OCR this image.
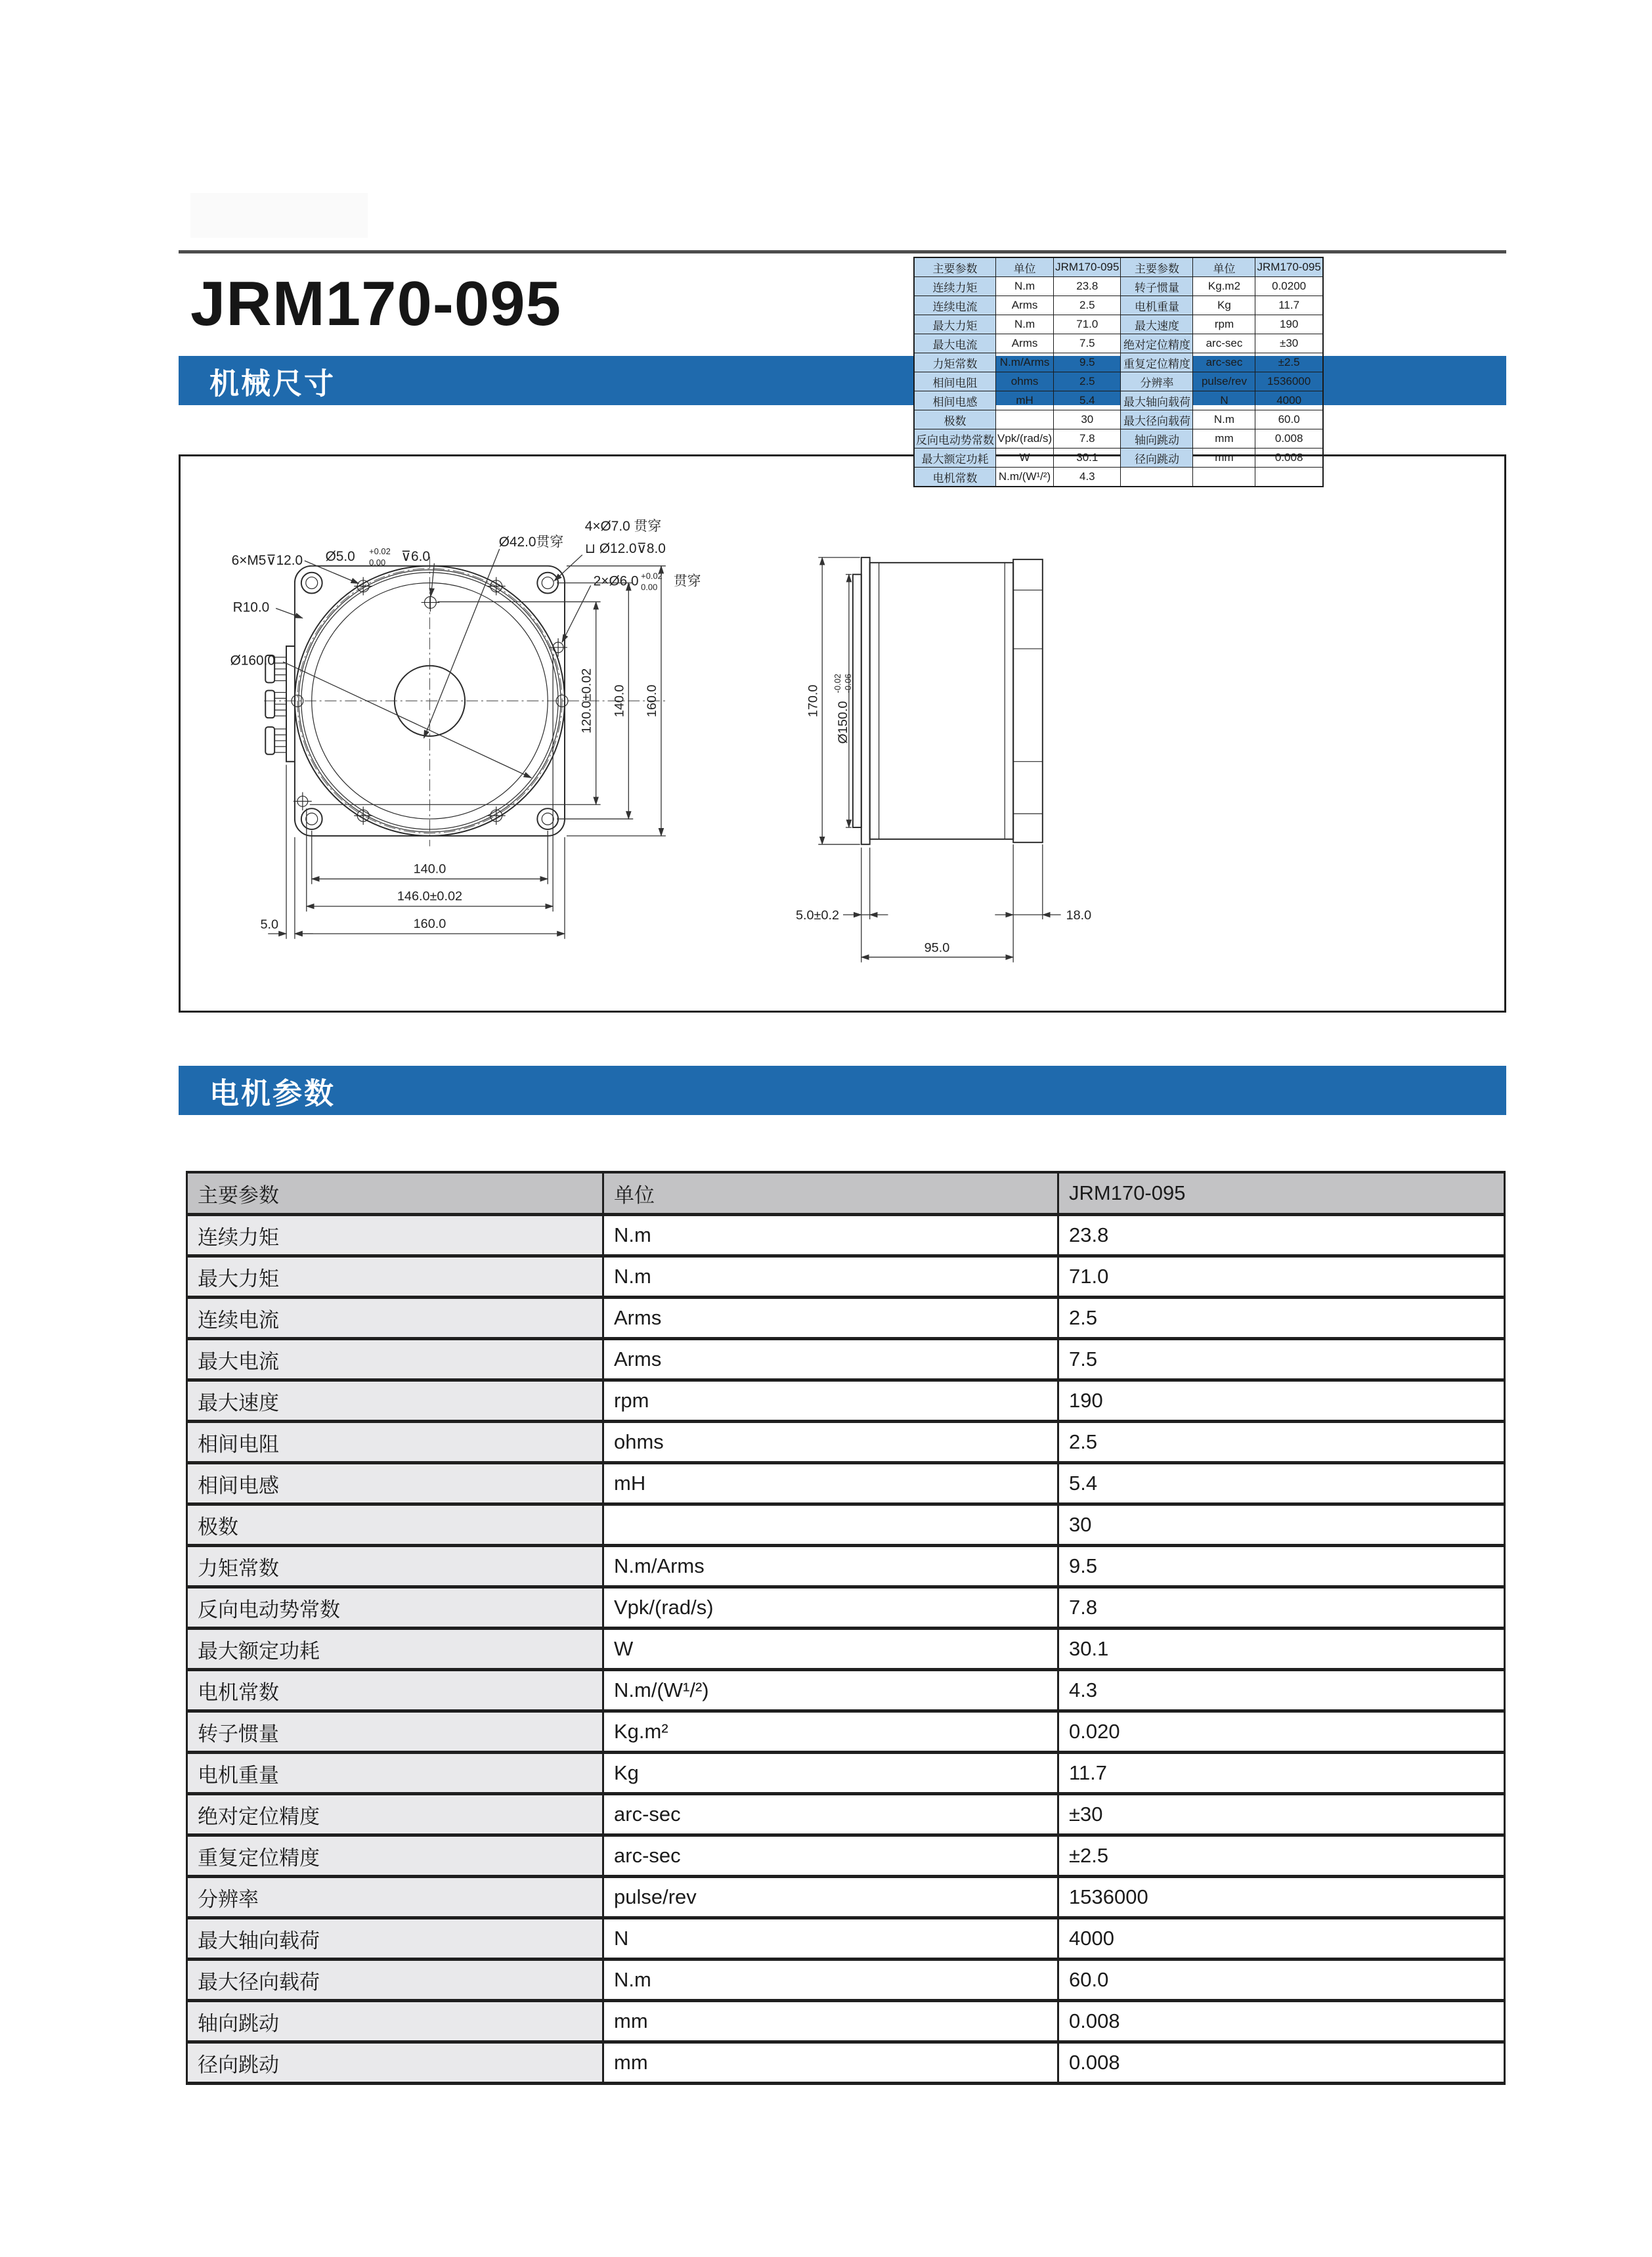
JRM170-095
机械尺寸
6×M5⊽12.0 Ø5.0 +0.02
0.00 ⊽6.0
Ø42.0贯穿
4×Ø7.0 贯穿
⊔ Ø12.0⊽8.0
2×Ø6.0 +0.02
0.00 贯穿
R10.0
Ø160.0
120.0±0.02 140.0 160.0
140.0
146.0±0.02
160.0
5.0
170.0
Ø150.0
-0.02 -0.06
5.0±0.2	18.0
95.0
主要参数	单位	JRM170-095	主要参数	单位	JRM170-095
连续力矩	N.m	23.8	转子惯量	Kg.m2	0.0200
连续电流	Arms	2.5	电机重量	Kg	11.7
最大力矩	N.m	71.0	最大速度	rpm	190
最大电流	Arms	7.5	绝对定位精度	arc-sec	±30
力矩常数	N.m/Arms	9.5	重复定位精度	arc-sec	±2.5
相间电阻	ohms	2.5	分辨率	pulse/rev	1536000
相间电感	mH	5.4	最大轴向载荷	N	4000
极数		30	最大径向载荷	N.m	60.0
反向电动势常数	Vpk/(rad/s)	7.8	轴向跳动	mm	0.008
最大额定功耗	W	30.1	径向跳动	mm	0.008
电机常数	N.m/(W¹/²)	4.3			
电机参数
主要参数	单位	JRM170-095
连续力矩	N.m	23.8
最大力矩	N.m	71.0
连续电流	Arms	2.5
最大电流	Arms	7.5
最大速度	rpm	190
相间电阻	ohms	2.5
相间电感	mH	5.4
极数		30
力矩常数	N.m/Arms	9.5
反向电动势常数	Vpk/(rad/s)	7.8
最大额定功耗	W	30.1
电机常数	N.m/(W¹/²)	4.3
转子惯量	Kg.m²	0.020
电机重量	Kg	11.7
绝对定位精度	arc-sec	±30
重复定位精度	arc-sec	±2.5
分辨率	pulse/rev	1536000
最大轴向载荷	N	4000
最大径向载荷	N.m	60.0
轴向跳动	mm	0.008
径向跳动	mm	0.008
